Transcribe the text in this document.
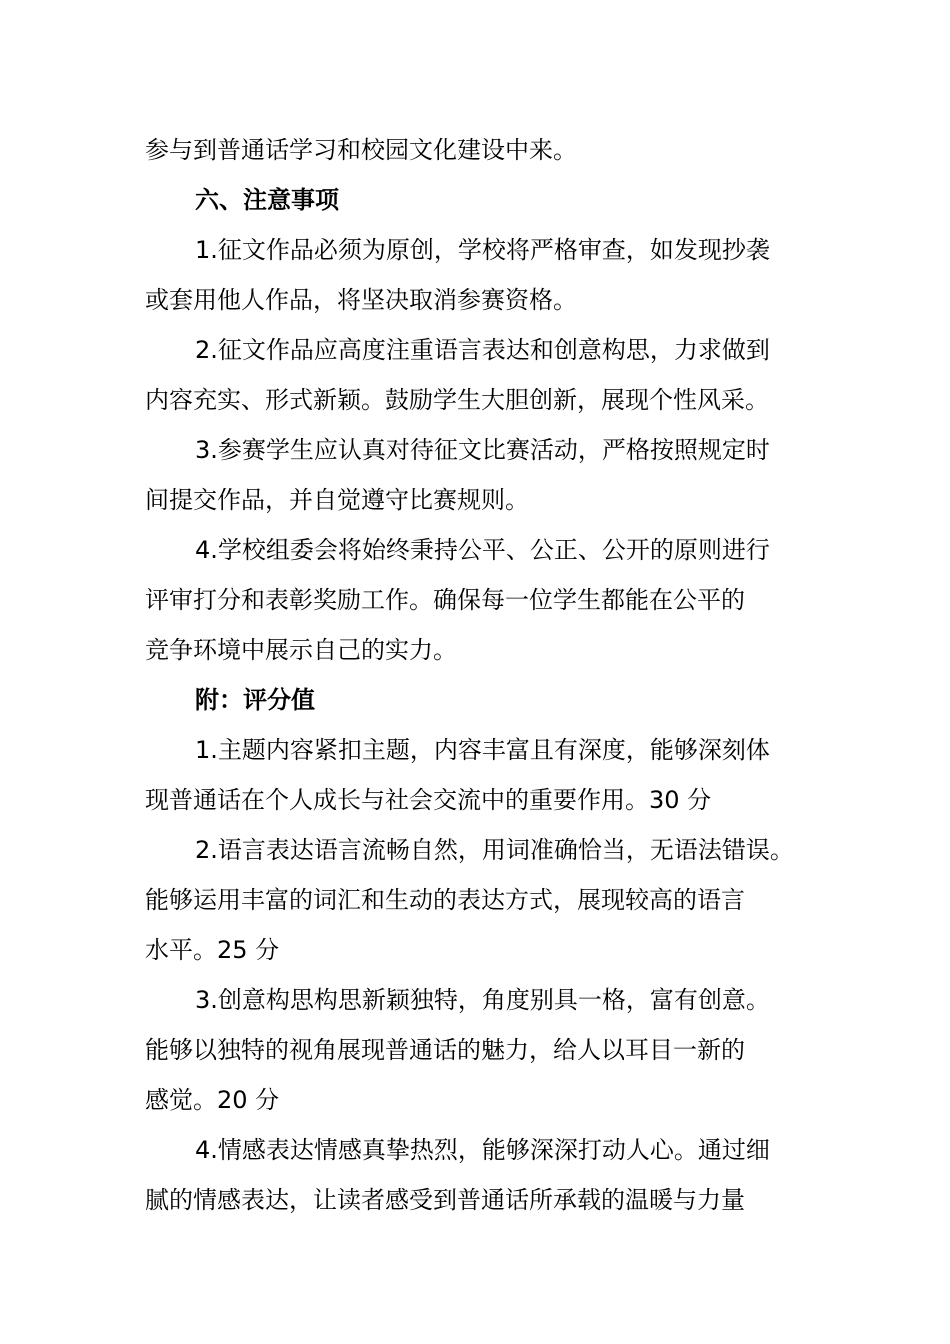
参与到普通话学习和校园文化建设中来。
六、注意事项
1.征文作品必须为原创，学校将严格审查，如发现抄袭
或套用他人作品，将坚决取消参赛资格。
2.征文作品应高度注重语言表达和创意构思，力求做到
内容充实、形式新颖。鼓励学生大胆创新，展现个性风采。
3.参赛学生应认真对待征文比赛活动，严格按照规定时
间提交作品，并自觉遵守比赛规则。
4.学校组委会将始终秉持公平、公正、公开的原则进行
评审打分和表彰奖励工作。确保每一位学生都能在公平的
竞争环境中展示自己的实力。
附：评分值
1.主题内容紧扣主题，内容丰富且有深度，能够深刻体
现普通话在个人成长与社会交流中的重要作用。30 分
2.语言表达语言流畅自然，用词准确恰当，无语法错误。
能够运用丰富的词汇和生动的表达方式，展现较高的语言
水平。25 分
3.创意构思构思新颖独特，角度别具一格，富有创意。
能够以独特的视角展现普通话的魅力，给人以耳目一新的
感觉。20 分
4.情感表达情感真挚热烈，能够深深打动人心。通过细
腻的情感表达，让读者感受到普通话所承载的温暖与力量
